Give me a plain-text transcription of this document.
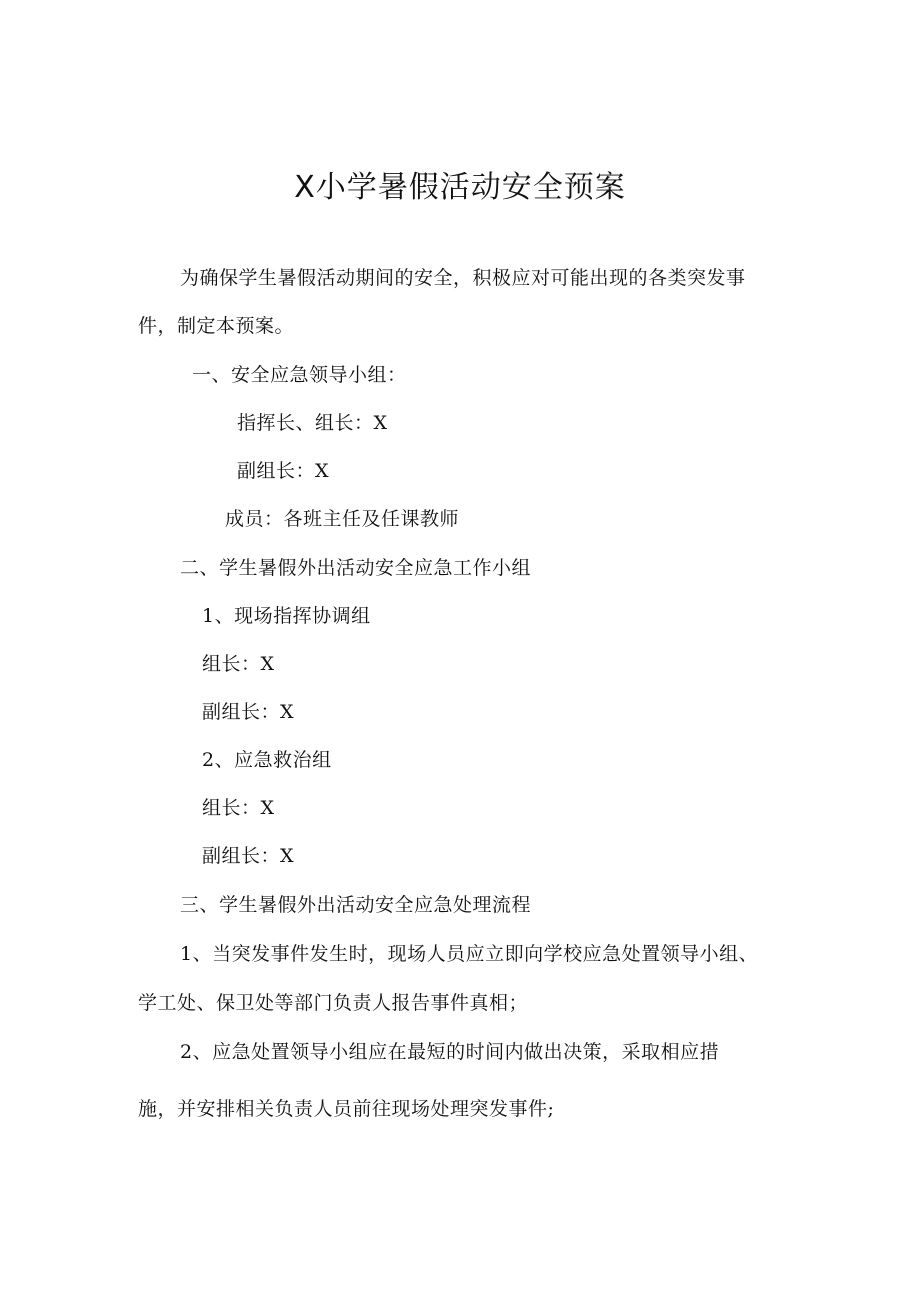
X小学暑假活动安全预案
为确保学生暑假活动期间的安全，积极应对可能出现的各类突发事
件，制定本预案。
一、安全应急领导小组：
指挥长、组长：X
副组长：X
成员：各班主任及任课教师
二、学生暑假外出活动安全应急工作小组
1、现场指挥协调组
组长：X
副组长：X
2、应急救治组
组长：X
副组长：X
三、学生暑假外出活动安全应急处理流程
1、当突发事件发生时，现场人员应立即向学校应急处置领导小组、
学工处、保卫处等部门负责人报告事件真相；
2、应急处置领导小组应在最短的时间内做出决策，采取相应措
施，并安排相关负责人员前往现场处理突发事件;
